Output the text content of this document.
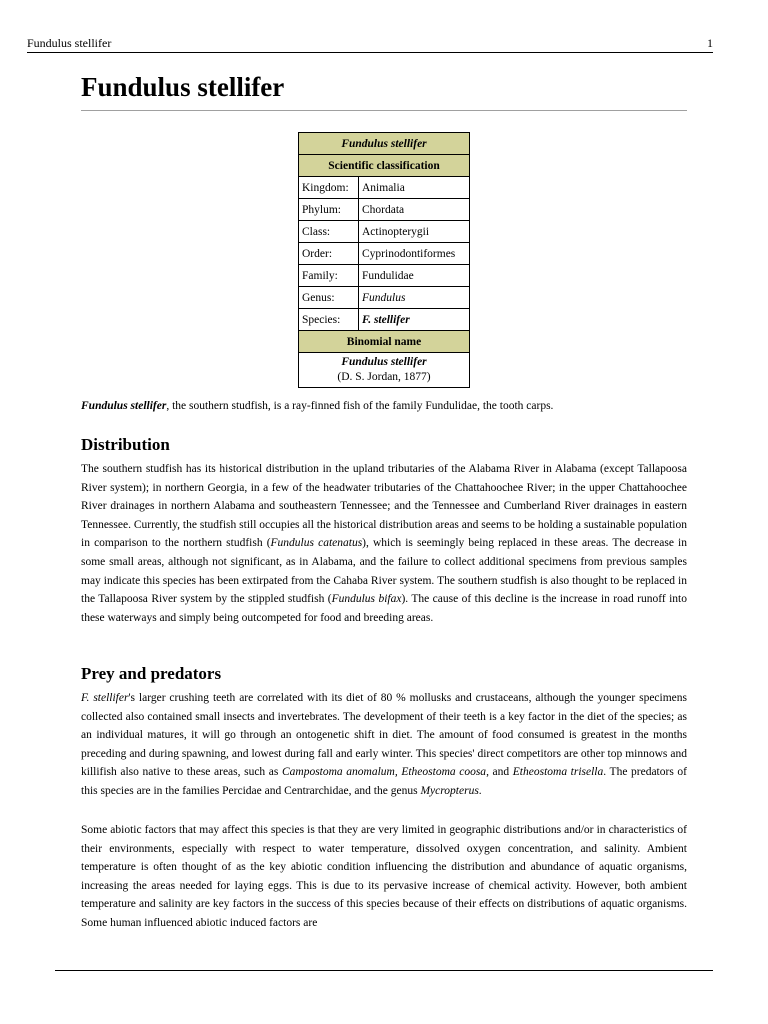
Fundulus stellifer	1
Fundulus stellifer
Fundulus stellifer	
Scientific classification	
Kingdom:	Animalia
Phylum:	Chordata
Class:	Actinopterygii
Order:	Cyprinodontiformes
Family:	Fundulidae
Genus:	Fundulus
Species:	F. stellifer
Binomial name	
Fundulus stellifer
(D. S. Jordan, 1877)	

Fundulus stellifer, the southern studfish, is a ray-finned fish of the family Fundulidae, the tooth carps.

Distribution

The southern studfish has its historical distribution in the upland tributaries of the Alabama River in Alabama (except Tallapoosa River system); in northern Georgia, in a few of the headwater tributaries of the Chattahoochee River; in the upper Chattahoochee River drainages in northern Alabama and southeastern Tennessee; and the Tennessee and Cumberland River drainages in eastern Tennessee. Currently, the studfish still occupies all the historical distribution areas and seems to be holding a sustainable population in comparison to the northern studfish (Fundulus catenatus), which is seemingly being replaced in these areas. The decrease in some small areas, although not significant, as in Alabama, and the failure to collect additional specimens from previous samples may indicate this species has been extirpated from the Cahaba River system. The southern studfish is also thought to be replaced in the Tallapoosa River system by the stippled studfish (Fundulus bifax). The cause of this decline is the increase in road runoff into these waterways and simply being outcompeted for food and breeding areas.

Prey and predators

F. stellifer's larger crushing teeth are correlated with its diet of 80 % mollusks and crustaceans, although the younger specimens collected also contained small insects and invertebrates. The development of their teeth is a key factor in the diet of the species; as an individual matures, it will go through an ontogenetic shift in diet. The amount of food consumed is greatest in the months preceding and during spawning, and lowest during fall and early winter. This species' direct competitors are other top minnows and killifish also native to these areas, such as Campostoma anomalum, Etheostoma coosa, and Etheostoma trisella. The predators of this species are in the families Percidae and Centrarchidae, and the genus Mycropterus.

Some abiotic factors that may affect this species is that they are very limited in geographic distributions and/or in characteristics of their environments, especially with respect to water temperature, dissolved oxygen concentration, and salinity. Ambient temperature is often thought of as the key abiotic condition influencing the distribution and abundance of aquatic organisms, increasing the areas needed for laying eggs. This is due to its pervasive increase of chemical activity. However, both ambient temperature and salinity are key factors in the success of this species because of their effects on distributions of aquatic organisms. Some human influenced abiotic induced factors are
